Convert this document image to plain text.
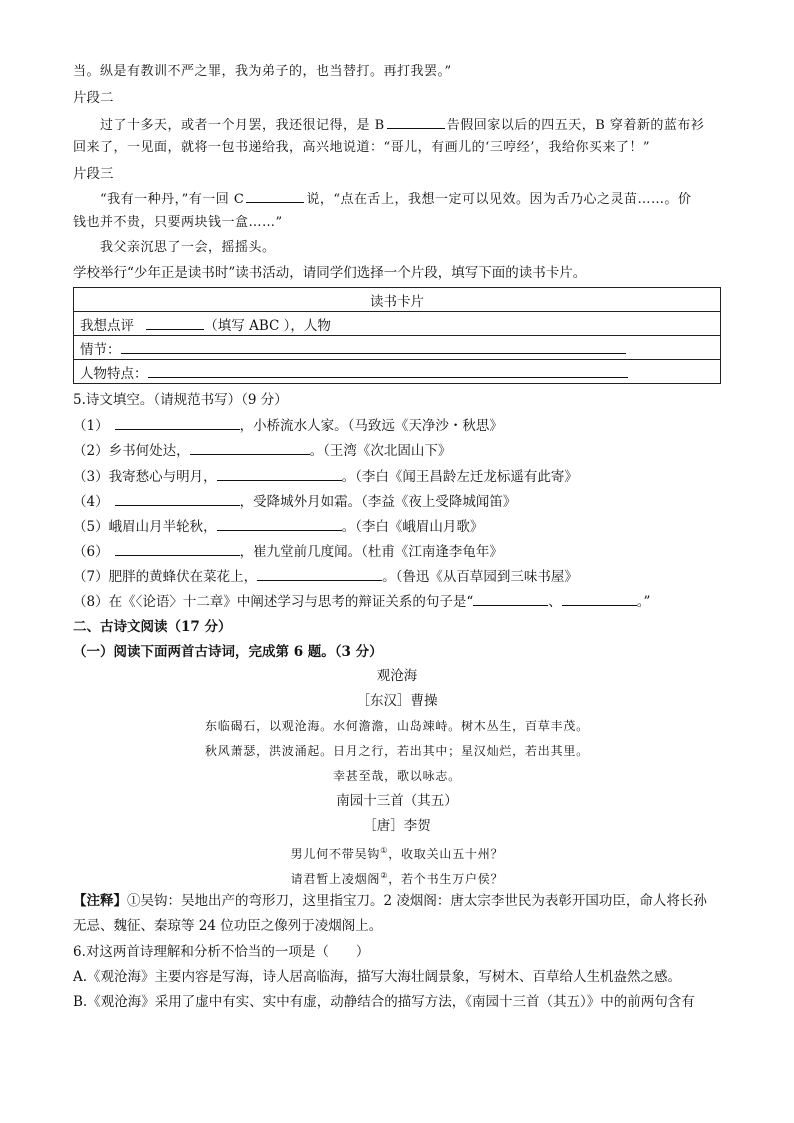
当。纵是有教训不严之罪，我为弟子的，也当替打。再打我罢。”
片段二
过了十多天，或者一个月罢，我还很记得，是 B	告假回家以后的四五天，B 穿着新的蓝布衫
回来了，一见面，就将一包书递给我，高兴地说道：“哥儿，有画儿的‘三哼经’，我给你买来了！”
片段三
“我有一种丹，”有一回 C	说，“点在舌上，我想一定可以见效。因为舌乃心之灵苗……。价
钱也并不贵，只要两块钱一盒……”
我父亲沉思了一会，摇摇头。
学校举行“少年正是读书时”读书活动，请同学们选择一个片段，填写下面的读书卡片。
读书卡片
我想点评	（填写 ABC ），人物
情节：
人物特点：
5.诗文填空。（请规范书写）（9 分）
（1）	，小桥流水人家。（马致远《天净沙・秋思》
（2）乡书何处达，	。（王湾《次北固山下》
（3）我寄愁心与明月，	。（李白《闻王昌龄左迁龙标遥有此寄》
（4）	，受降城外月如霜。（李益《夜上受降城闻笛》
（5）峨眉山月半轮秋，	。（李白《峨眉山月歌》
（6）	，崔九堂前几度闻。（杜甫《江南逢李龟年》
（7）肥胖的黄蜂伏在菜花上，	。（鲁迅《从百草园到三味书屋》
（8）在《〈论语〉十二章》中阐述学习与思考的辩证关系的句子是“	、	。”
二、古诗文阅读（17 分）
（一）阅读下面两首古诗词，完成第 6 题。（3 分）
观沧海
［东汉］曹操
东临碣石，以观沧海。水何澹澹，山岛竦峙。树木丛生，百草丰茂。
秋风萧瑟，洪波涌起。日月之行，若出其中；星汉灿烂，若出其里。
幸甚至哉，歌以咏志。
南园十三首（其五）
［唐］李贺
男儿何不带吴钩①，收取关山五十州？
请君暂上凌烟阁②，若个书生万户侯？
【注释】①吴钩：吴地出产的弯形刀，这里指宝刀。2 凌烟阁：唐太宗李世民为表彰开国功臣，命人将长孙
无忌、魏征、秦琼等 24 位功臣之像列于凌烟阁上。
6.对这两首诗理解和分析不恰当的一项是（　　）
A.《观沧海》主要内容是写海，诗人居高临海，描写大海壮阔景象，写树木、百草给人生机盎然之感。
B.《观沧海》采用了虚中有实、实中有虚，动静结合的描写方法，《南园十三首（其五）》中的前两句含有
